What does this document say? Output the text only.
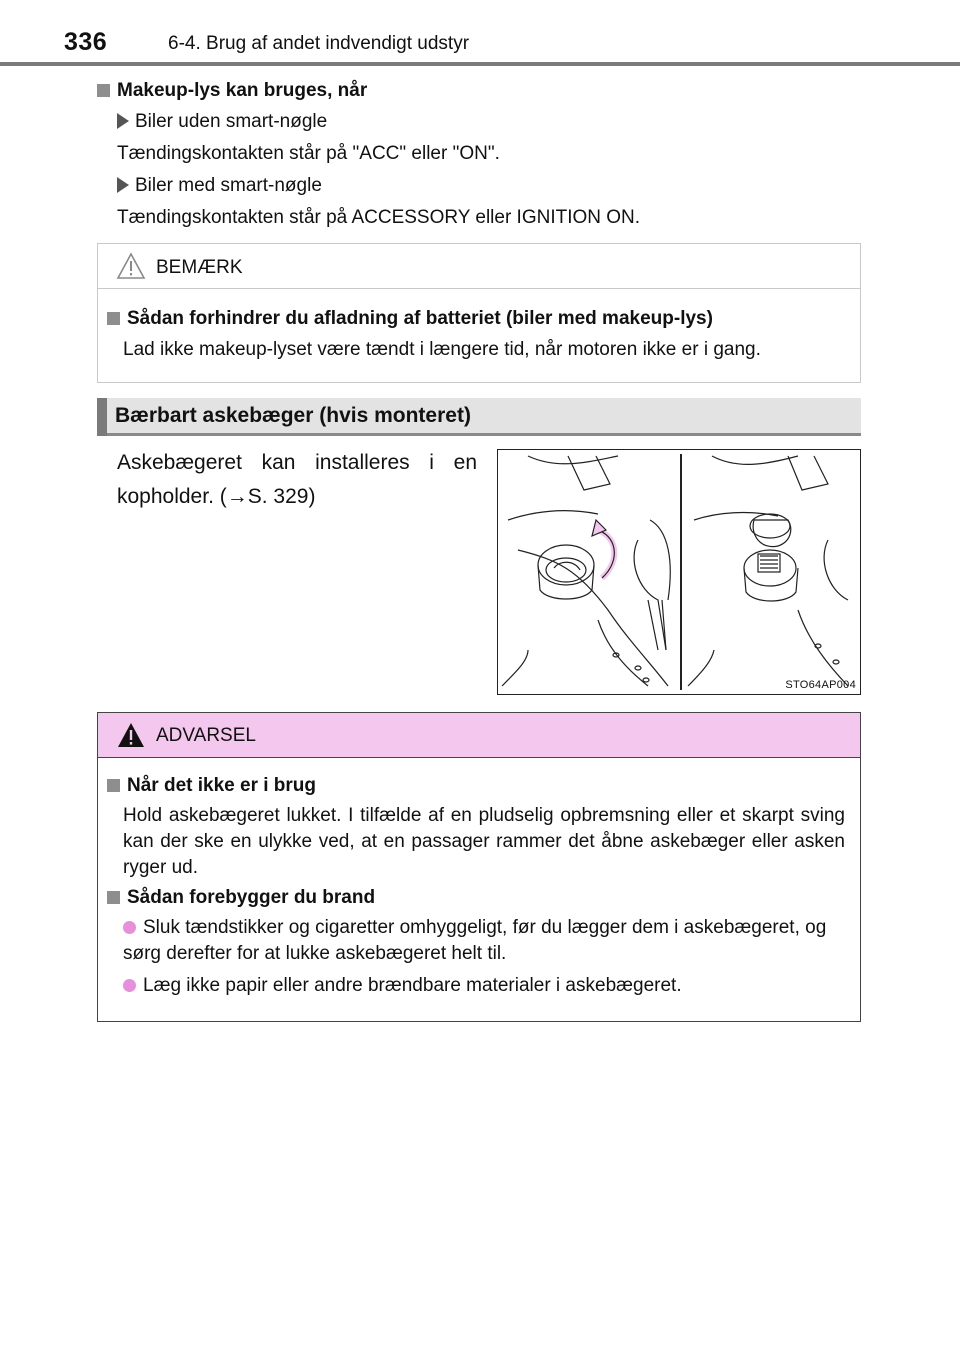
336	6-4. Brug af andet indvendigt udstyr
Makeup-lys kan bruges, når
Biler uden smart-nøgle
Tændingskontakten står på "ACC" eller "ON".
Biler med smart-nøgle
Tændingskontakten står på ACCESSORY eller IGNITION ON.
BEMÆRK
Sådan forhindrer du afladning af batteriet (biler med makeup-lys)
Lad ikke makeup-lyset være tændt i længere tid, når motoren ikke er i gang.
Bærbart askebæger (hvis monteret)
Askebægeret kan installeres i en kopholder. (→S. 329)
STO64AP004
ADVARSEL
Når det ikke er i brug
Hold askebægeret lukket. I tilfælde af en pludselig opbremsning eller et skarpt sving kan der ske en ulykke ved, at en passager rammer det åbne askebæger eller asken ryger ud.
Sådan forebygger du brand
Sluk tændstikker og cigaretter omhyggeligt, før du lægger dem i askebægeret, og sørg derefter for at lukke askebægeret helt til.
Læg ikke papir eller andre brændbare materialer i askebægeret.
